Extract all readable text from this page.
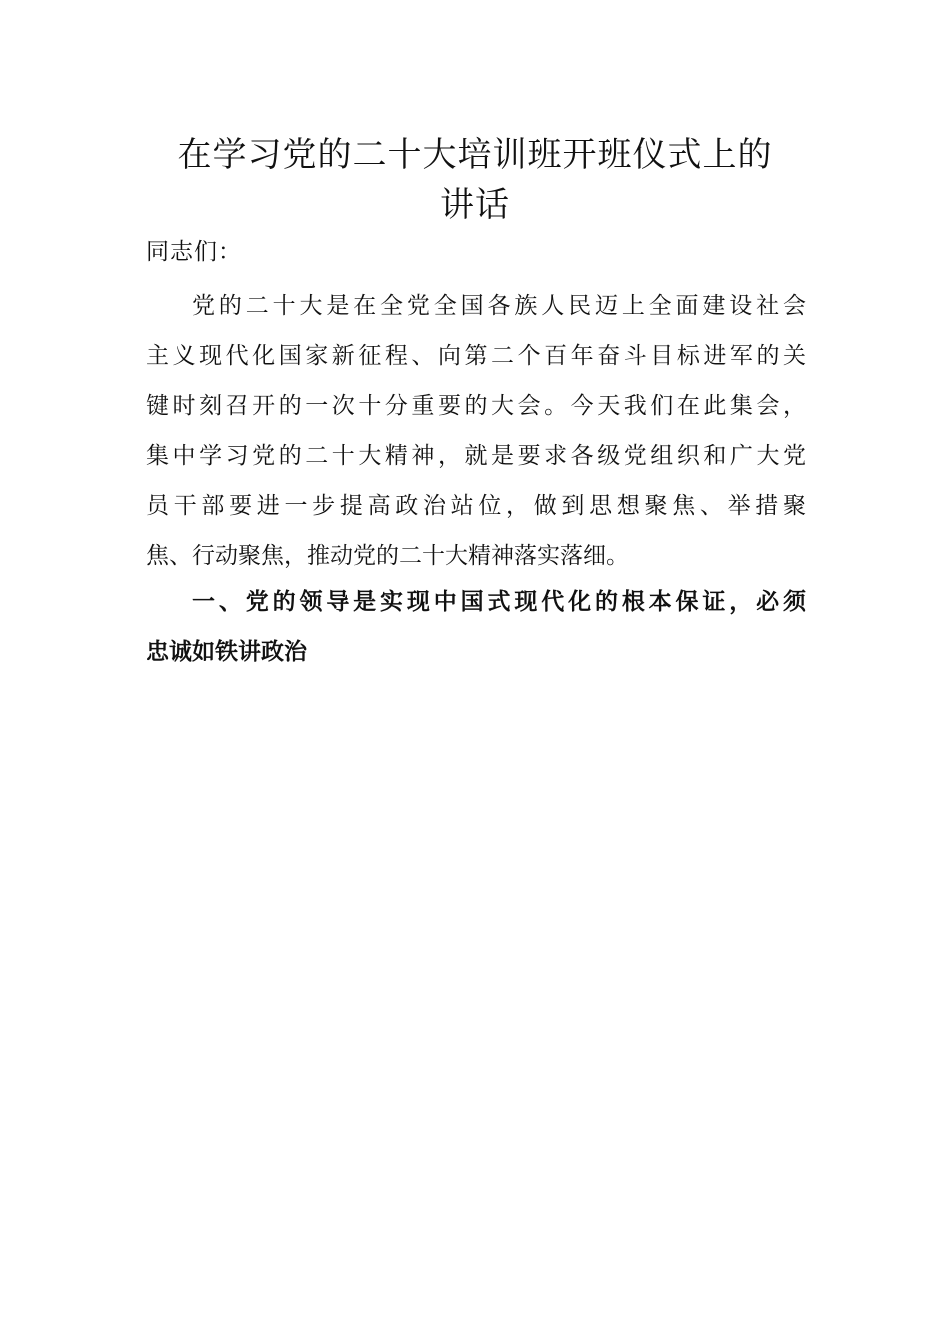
在学习党的二十大培训班开班仪式上的
讲话

同志们：

党的二十大是在全党全国各族人民迈上全面建设社会
主义现代化国家新征程、向第二个百年奋斗目标进军的关
键时刻召开的一次十分重要的大会。今天我们在此集会，
集中学习党的二十大精神，就是要求各级党组织和广大党
员干部要进一步提高政治站位，做到思想聚焦、举措聚
焦、行动聚焦，推动党的二十大精神落实落细。
一、党的领导是实现中国式现代化的根本保证，必须
忠诚如铁讲政治
